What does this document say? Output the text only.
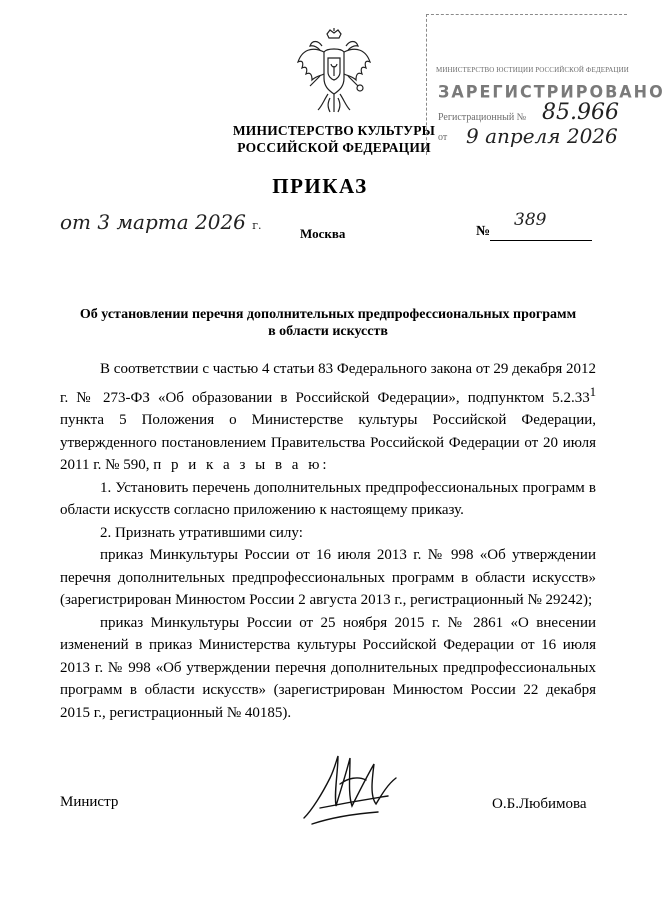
МИНИСТЕРСТВО КУЛЬТУРЫ
РОССИЙСКОЙ ФЕДЕРАЦИИ
МИНИСТЕРСТВО ЮСТИЦИИ РОССИЙСКОЙ ФЕДЕРАЦИИ
ЗАРЕГИСТРИРОВАНО
Регистрационный № 85.966
от 9 апреля 2026
ПРИКАЗ
от 3 марта 2026 г.
Москва	№
389
Об установлении перечня дополнительных предпрофессиональных программ
в области искусств

В соответствии с частью 4 статьи 83 Федерального закона от 29 декабря 2012 г. № 273-ФЗ «Об образовании в Российской Федерации», подпунктом 5.2.33$^1$ пункта 5 Положения о Министерстве культуры Российской Федерации, утвержденного постановлением Правительства Российской Федерации от 20 июля 2011 г. № 590, п р и к а з ы в а ю:

1. Установить перечень дополнительных предпрофессиональных программ в области искусств согласно приложению к настоящему приказу.

2. Признать утратившими силу:

приказ Минкультуры России от 16 июля 2013 г. № 998 «Об утверждении перечня дополнительных предпрофессиональных программ в области искусств» (зарегистрирован Минюстом России 2 августа 2013 г., регистрационный № 29242);

приказ Минкультуры России от 25 ноября 2015 г. № 2861 «О внесении изменений в приказ Министерства культуры Российской Федерации от 16 июля 2013 г. № 998 «Об утверждении перечня дополнительных предпрофессиональных программ в области искусств» (зарегистрирован Минюстом России 22 декабря 2015 г., регистрационный № 40185).

Министр	О.Б.Любимова
